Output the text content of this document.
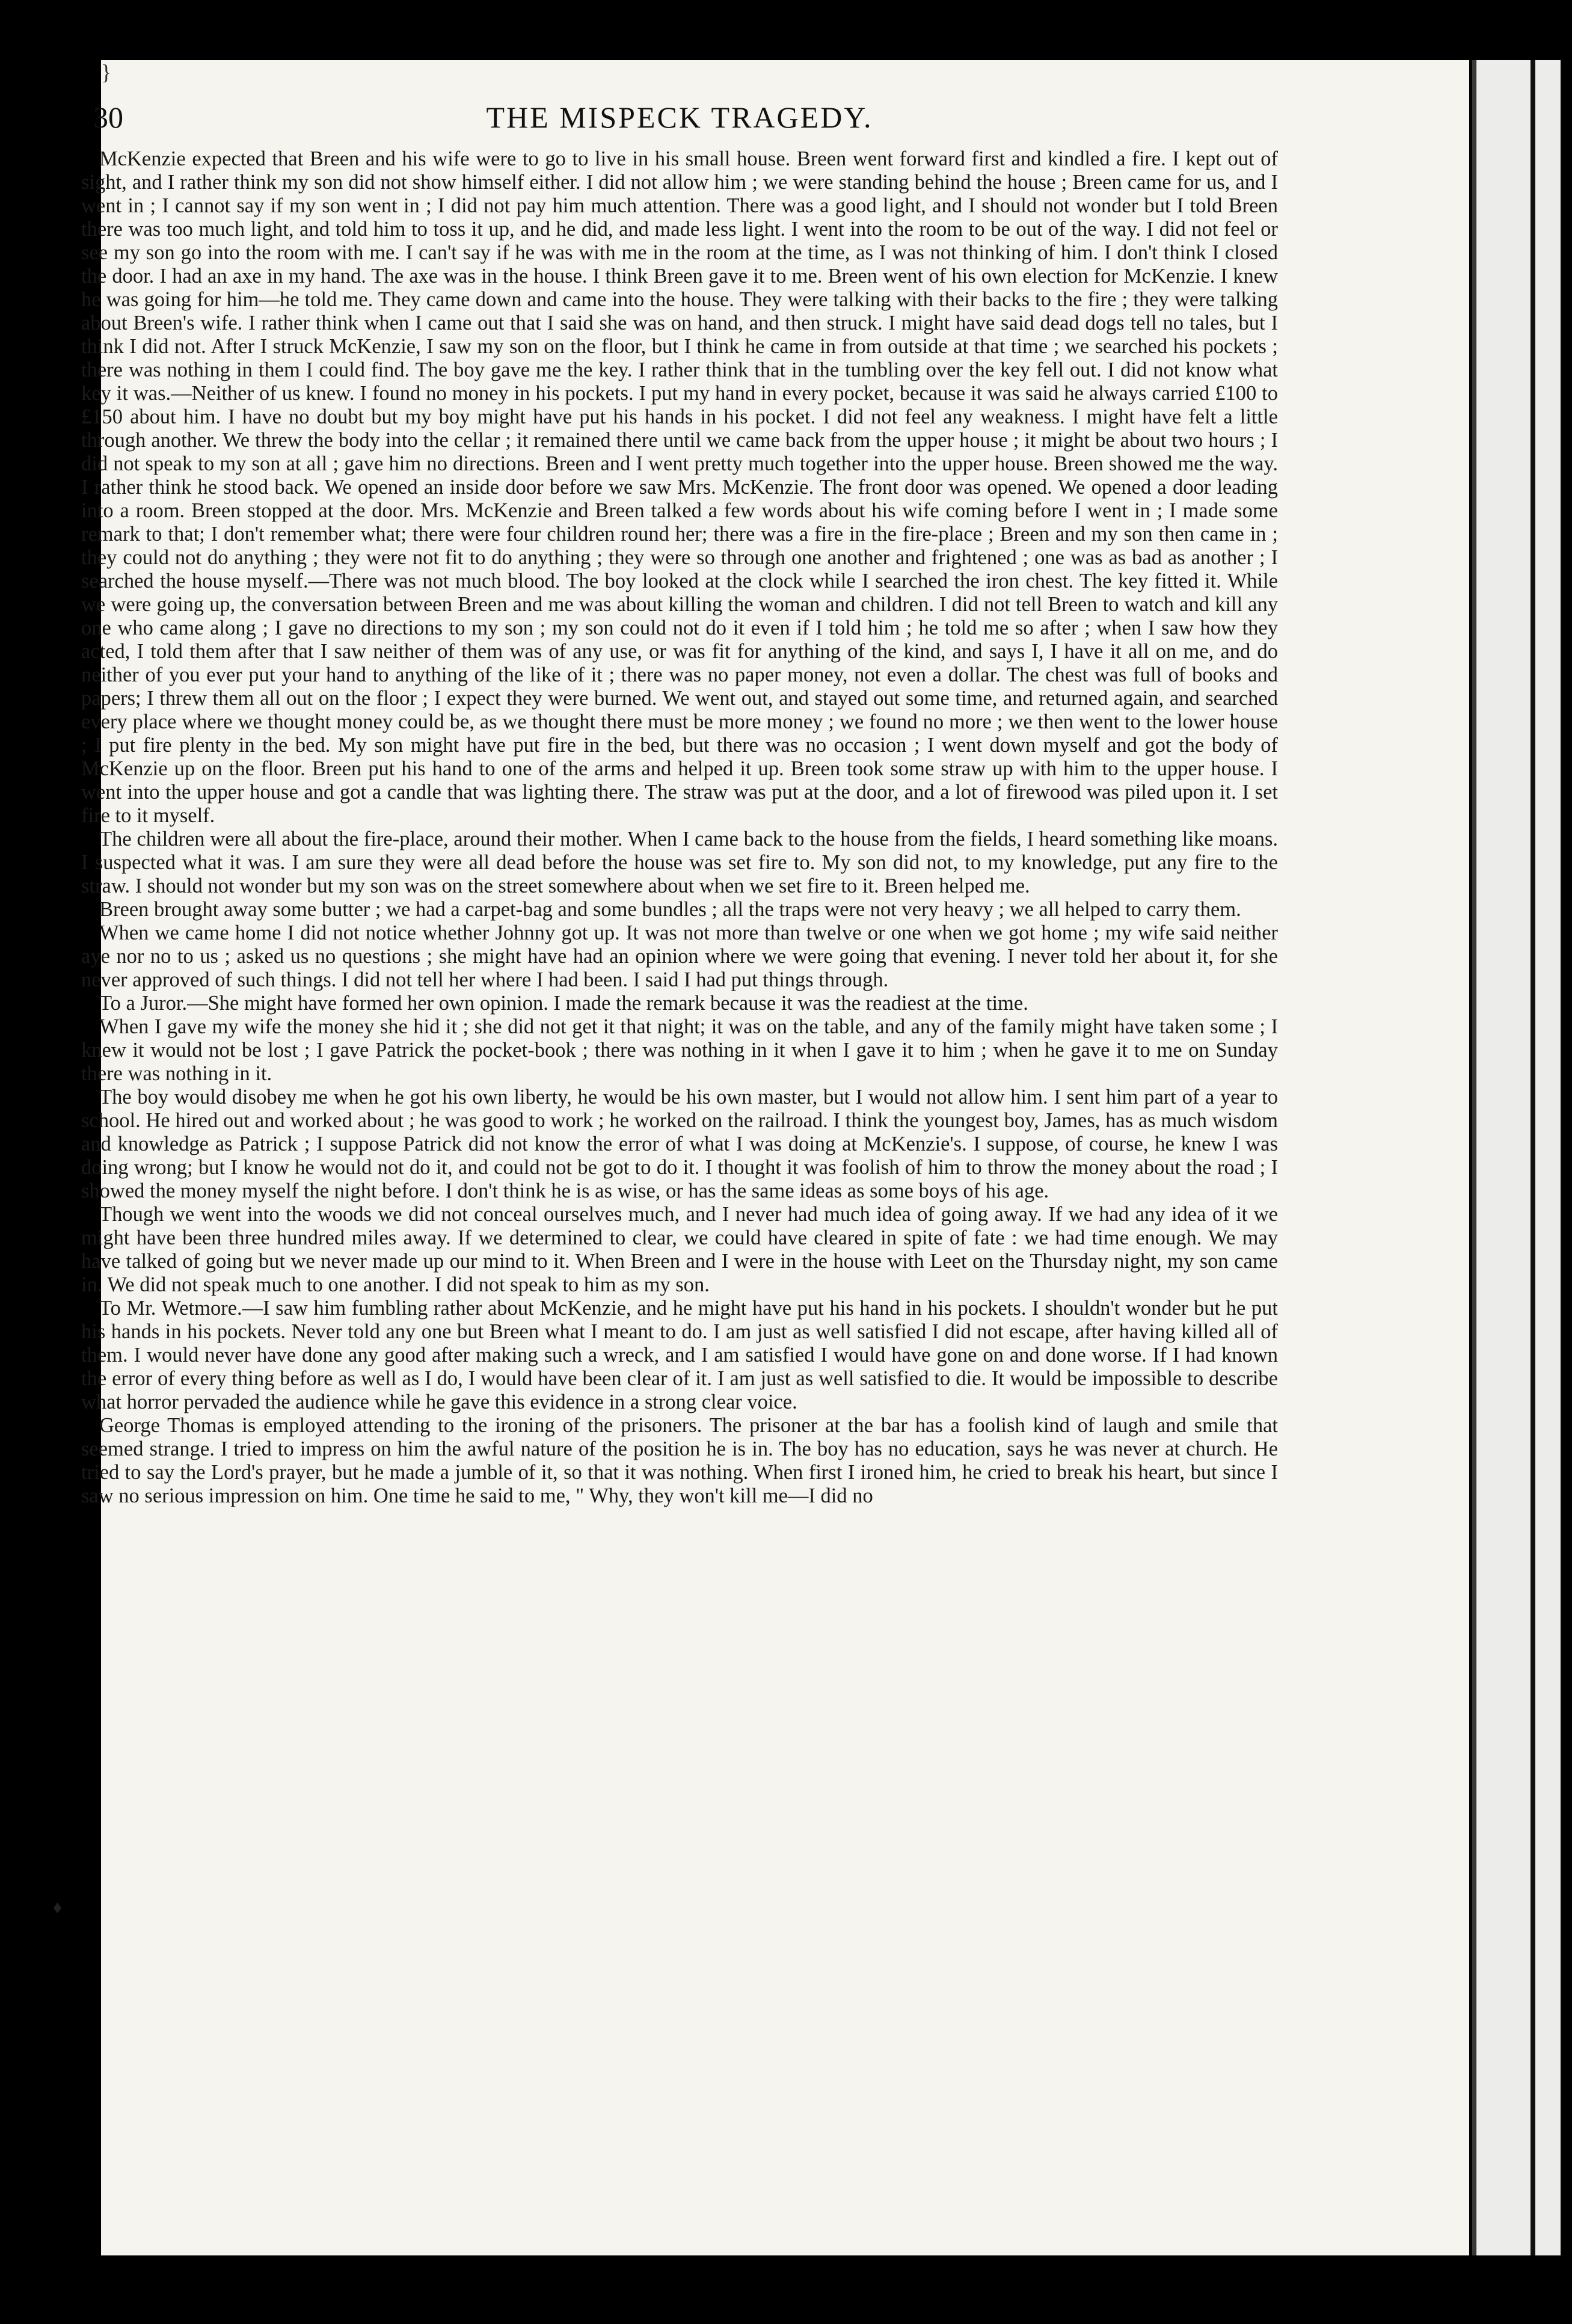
}
30	THE MISPECK TRAGEDY.
♦

McKenzie expected that Breen and his wife were to go to live in his small house. Breen went forward first and kindled a fire. I kept out of sight, and I rather think my son did not show himself either. I did not allow him ; we were standing behind the house ; Breen came for us, and I went in ; I cannot say if my son went in ; I did not pay him much attention. There was a good light, and I should not wonder but I told Breen there was too much light, and told him to toss it up, and he did, and made less light. I went into the room to be out of the way. I did not feel or see my son go into the room with me. I can't say if he was with me in the room at the time, as I was not thinking of him. I don't think I closed the door. I had an axe in my hand. The axe was in the house. I think Breen gave it to me. Breen went of his own election for McKenzie. I knew he was going for him—he told me. They came down and came into the house. They were talking with their backs to the fire ; they were talking about Breen's wife. I rather think when I came out that I said she was on hand, and then struck. I might have said dead dogs tell no tales, but I think I did not. After I struck McKenzie, I saw my son on the floor, but I think he came in from outside at that time ; we searched his pockets ; there was nothing in them I could find. The boy gave me the key. I rather think that in the tumbling over the key fell out. I did not know what key it was.—Neither of us knew. I found no money in his pockets. I put my hand in every pocket, because it was said he always carried £100 to £150 about him. I have no doubt but my boy might have put his hands in his pocket. I did not feel any weakness. I might have felt a little through another. We threw the body into the cellar ; it remained there until we came back from the upper house ; it might be about two hours ; I did not speak to my son at all ; gave him no directions. Breen and I went pretty much together into the upper house. Breen showed me the way. I rather think he stood back. We opened an inside door before we saw Mrs. McKenzie. The front door was opened. We opened a door leading into a room. Breen stopped at the door. Mrs. McKenzie and Breen talked a few words about his wife coming before I went in ; I made some remark to that; I don't remember what; there were four children round her; there was a fire in the fire-place ; Breen and my son then came in ; they could not do anything ; they were not fit to do anything ; they were so through one another and frightened ; one was as bad as another ; I searched the house myself.—There was not much blood. The boy looked at the clock while I searched the iron chest. The key fitted it. While we were going up, the conversation between Breen and me was about killing the woman and children. I did not tell Breen to watch and kill any one who came along ; I gave no directions to my son ; my son could not do it even if I told him ; he told me so after ; when I saw how they acted, I told them after that I saw neither of them was of any use, or was fit for anything of the kind, and says I, I have it all on me, and do neither of you ever put your hand to anything of the like of it ; there was no paper money, not even a dollar. The chest was full of books and papers; I threw them all out on the floor ; I expect they were burned. We went out, and stayed out some time, and returned again, and searched every place where we thought money could be, as we thought there must be more money ; we found no more ; we then went to the lower house ; I put fire plenty in the bed. My son might have put fire in the bed, but there was no occasion ; I went down myself and got the body of McKenzie up on the floor. Breen put his hand to one of the arms and helped it up. Breen took some straw up with him to the upper house. I went into the upper house and got a candle that was lighting there. The straw was put at the door, and a lot of firewood was piled upon it. I set fire to it myself.

The children were all about the fire-place, around their mother. When I came back to the house from the fields, I heard something like moans. I suspected what it was. I am sure they were all dead before the house was set fire to. My son did not, to my knowledge, put any fire to the straw. I should not wonder but my son was on the street somewhere about when we set fire to it. Breen helped me.

Breen brought away some butter ; we had a carpet-bag and some bundles ; all the traps were not very heavy ; we all helped to carry them.

When we came home I did not notice whether Johnny got up. It was not more than twelve or one when we got home ; my wife said neither aye nor no to us ; asked us no questions ; she might have had an opinion where we were going that evening. I never told her about it, for she never approved of such things. I did not tell her where I had been. I said I had put things through.

To a Juror.—She might have formed her own opinion. I made the remark because it was the readiest at the time.

When I gave my wife the money she hid it ; she did not get it that night; it was on the table, and any of the family might have taken some ; I knew it would not be lost ; I gave Patrick the pocket-book ; there was nothing in it when I gave it to him ; when he gave it to me on Sunday there was nothing in it.

The boy would disobey me when he got his own liberty, he would be his own master, but I would not allow him. I sent him part of a year to school. He hired out and worked about ; he was good to work ; he worked on the railroad. I think the youngest boy, James, has as much wisdom and knowledge as Patrick ; I suppose Patrick did not know the error of what I was doing at McKenzie's. I suppose, of course, he knew I was doing wrong; but I know he would not do it, and could not be got to do it. I thought it was foolish of him to throw the money about the road ; I showed the money myself the night before. I don't think he is as wise, or has the same ideas as some boys of his age.

Though we went into the woods we did not conceal ourselves much, and I never had much idea of going away. If we had any idea of it we might have been three hundred miles away. If we determined to clear, we could have cleared in spite of fate : we had time enough. We may have talked of going but we never made up our mind to it. When Breen and I were in the house with Leet on the Thursday night, my son came in. We did not speak much to one another. I did not speak to him as my son.

To Mr. Wetmore.—I saw him fumbling rather about McKenzie, and he might have put his hand in his pockets. I shouldn't wonder but he put his hands in his pockets. Never told any one but Breen what I meant to do. I am just as well satisfied I did not escape, after having killed all of them. I would never have done any good after making such a wreck, and I am satisfied I would have gone on and done worse. If I had known the error of every thing before as well as I do, I would have been clear of it. I am just as well satisfied to die. It would be impossible to describe what horror pervaded the audience while he gave this evidence in a strong clear voice.

George Thomas is employed attending to the ironing of the prisoners. The prisoner at the bar has a foolish kind of laugh and smile that seemed strange. I tried to impress on him the awful nature of the position he is in. The boy has no education, says he was never at church. He tried to say the Lord's prayer, but he made a jumble of it, so that it was nothing. When first I ironed him, he cried to break his heart, but since I saw no serious impression on him. One time he said to me, " Why, they won't kill me—I did no
